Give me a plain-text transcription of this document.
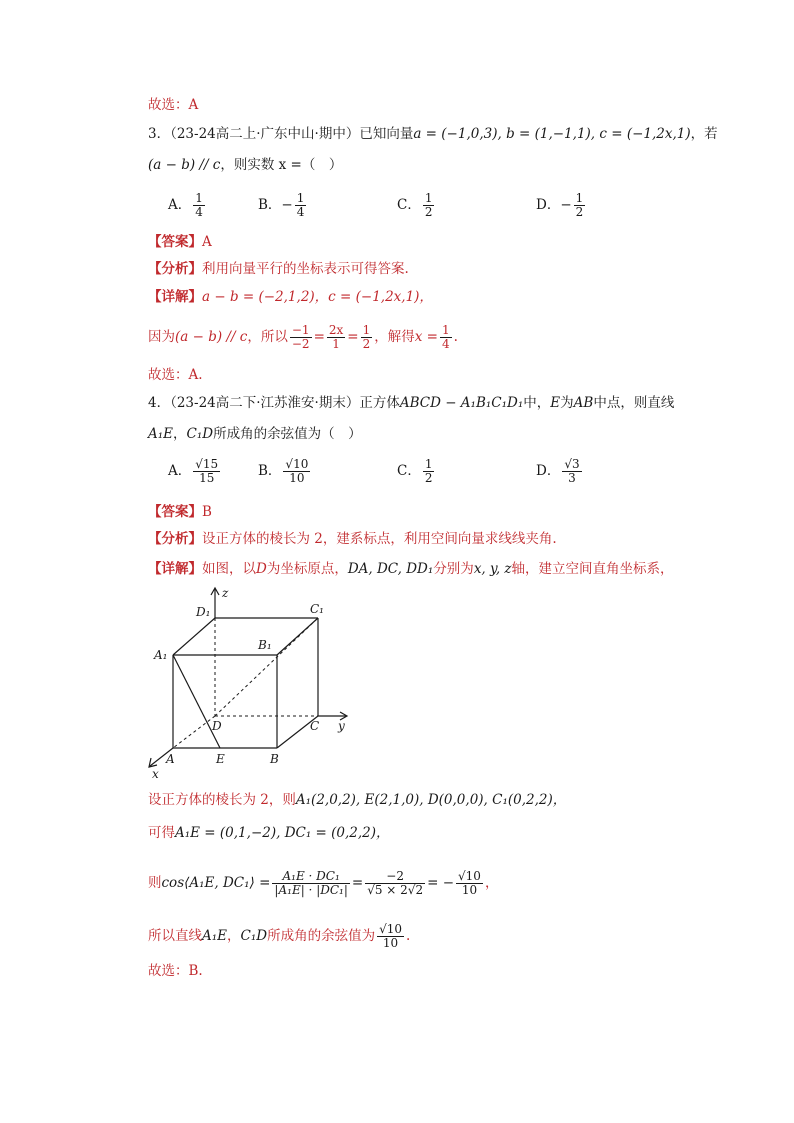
故选：A
3．（23-24高二上·广东中山·期中）已知向量a = (−1,0,3), b = (1,−1,1), c = (−1,2x,1)，若
(a − b) // c，则实数 x =（　）
A． $\frac{1}{4}$	B．− $\frac{1}{4}$	C． $\frac{1}{2}$	D．− $\frac{1}{2}$
【答案】A
【分析】利用向量平行的坐标表示可得答案.
【详解】a − b = (−2,1,2)，c = (−1,2x,1)，
因为(a − b) // c，所以 $\frac{-1}{-2} = \frac{2x}{1} = \frac{1}{2}$ ，解得$x = \frac{1}{4}$ .
故选：A.
4．（23-24高二下·江苏淮安·期末）正方体ABCD − A₁B₁C₁D₁中，E为AB中点，则直线
A₁E，C₁D所成角的余弦值为（　）
A． $\frac{√15}{15}$	B． $\frac{√10}{10}$	C． $\frac{1}{2}$	D． $\frac{√3}{3}$
【答案】B
【分析】设正方体的棱长为 2，建系标点，利用空间向量求线线夹角.
【详解】如图，以D为坐标原点，DA, DC, DD₁分别为x, y, z轴，建立空间直角坐标系，
z
y
x
D₁	C₁
B₁
A₁
D	C
A	E	B
设正方体的棱长为 2，则A₁(2,0,2), E(2,1,0), D(0,0,0), C₁(0,2,2)，
可得A₁E = (0,1,−2), DC₁ = (0,2,2)，
则cos⟨A₁E, DC₁⟩ = $\frac{\text{A₁E · DC₁}}{\text{|A₁E| · |DC₁|}} = \frac{-2}{√5 \times 2√2}$ = − $\frac{√10}{10}$ ，
所以直线A₁E，C₁D所成角的余弦值为 $\frac{√10}{10}$ .
故选：B.
